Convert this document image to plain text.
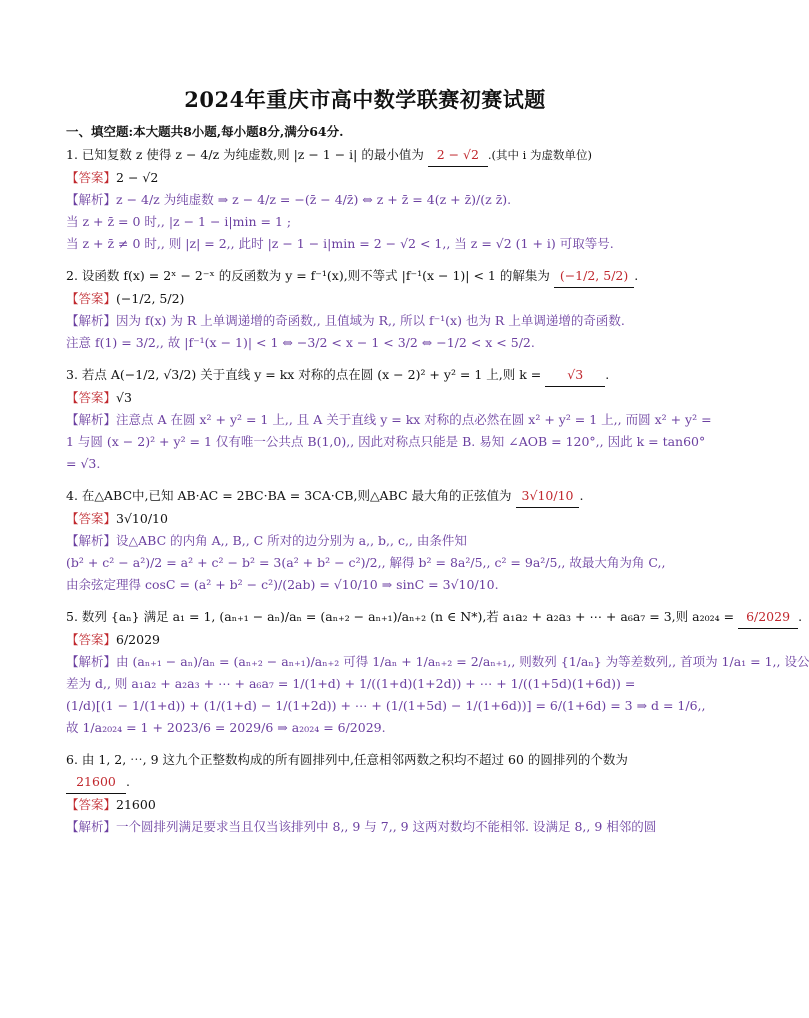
2024年重庆市高中数学联赛初赛试题
一、填空题:本大题共8小题,每小题8分,满分64分.
1. 已知复数 z 使得 z − 4/z 为纯虚数,则 |z − 1 − i| 的最小值为 2 − √2 .(其中 i 为虚数单位)
【答案】2 − √2
【解析】z − 4/z 为纯虚数 ⇒ z − 4/z = −(z̄ − 4/z̄) ⇔ z + z̄ = 4(z + z̄)/(z z̄).
当 z + z̄ = 0 时,, |z − 1 − i|min = 1 ;
当 z + z̄ ≠ 0 时,, 则 |z| = 2,, 此时 |z − 1 − i|min = 2 − √2 < 1,, 当 z = √2 (1 + i) 可取等号.
2. 设函数 f(x) = 2ˣ − 2⁻ˣ 的反函数为 y = f⁻¹(x),则不等式 |f⁻¹(x − 1)| < 1 的解集为 (−1/2, 5/2) .
【答案】(−1/2, 5/2)
【解析】因为 f(x) 为 R 上单调递增的奇函数,, 且值域为 R,, 所以 f⁻¹(x) 也为 R 上单调递增的奇函数.
注意 f(1) = 3/2,, 故 |f⁻¹(x − 1)| < 1 ⇔ −3/2 < x − 1 < 3/2 ⇔ −1/2 < x < 5/2.
3. 若点 A(−1/2, √3/2) 关于直线 y = kx 对称的点在圆 (x − 2)² + y² = 1 上,则 k = √3 .
【答案】√3
【解析】注意点 A 在圆 x² + y² = 1 上,, 且 A 关于直线 y = kx 对称的点必然在圆 x² + y² = 1 上,, 而圆 x² + y² =
1 与圆 (x − 2)² + y² = 1 仅有唯一公共点 B(1,0),, 因此对称点只能是 B. 易知 ∠AOB = 120°,, 因此 k = tan60°
= √3.
4. 在△ABC中,已知 AB·AC = 2BC·BA = 3CA·CB,则△ABC 最大角的正弦值为 3√10/10 .
【答案】3√10/10
【解析】设△ABC 的内角 A,, B,, C 所对的边分别为 a,, b,, c,, 由条件知
(b² + c² − a²)/2 = a² + c² − b² = 3(a² + b² − c²)/2,, 解得 b² = 8a²/5,, c² = 9a²/5,, 故最大角为角 C,,
由余弦定理得 cosC = (a² + b² − c²)/(2ab) = √10/10 ⇒ sinC = 3√10/10.
5. 数列 {aₙ} 满足 a₁ = 1, (aₙ₊₁ − aₙ)/aₙ = (aₙ₊₂ − aₙ₊₁)/aₙ₊₂ (n ∈ N*),若 a₁a₂ + a₂a₃ + ⋯ + a₆a₇ = 3,则 a₂₀₂₄ = 6/2029 .
【答案】6/2029
【解析】由 (aₙ₊₁ − aₙ)/aₙ = (aₙ₊₂ − aₙ₊₁)/aₙ₊₂ 可得 1/aₙ + 1/aₙ₊₂ = 2/aₙ₊₁,, 则数列 {1/aₙ} 为等差数列,, 首项为 1/a₁ = 1,, 设公
差为 d,, 则 a₁a₂ + a₂a₃ + ⋯ + a₆a₇ = 1/(1+d) + 1/((1+d)(1+2d)) + ⋯ + 1/((1+5d)(1+6d)) =
(1/d)[(1 − 1/(1+d)) + (1/(1+d) − 1/(1+2d)) + ⋯ + (1/(1+5d) − 1/(1+6d))] = 6/(1+6d) = 3 ⇒ d = 1/6,,
故 1/a₂₀₂₄ = 1 + 2023/6 = 2029/6 ⇒ a₂₀₂₄ = 6/2029.
6. 由 1, 2, ⋯, 9 这九个正整数构成的所有圆排列中,任意相邻两数之积均不超过 60 的圆排列的个数为
21600 .
【答案】21600
【解析】一个圆排列满足要求当且仅当该排列中 8,, 9 与 7,, 9 这两对数均不能相邻. 设满足 8,, 9 相邻的圆
